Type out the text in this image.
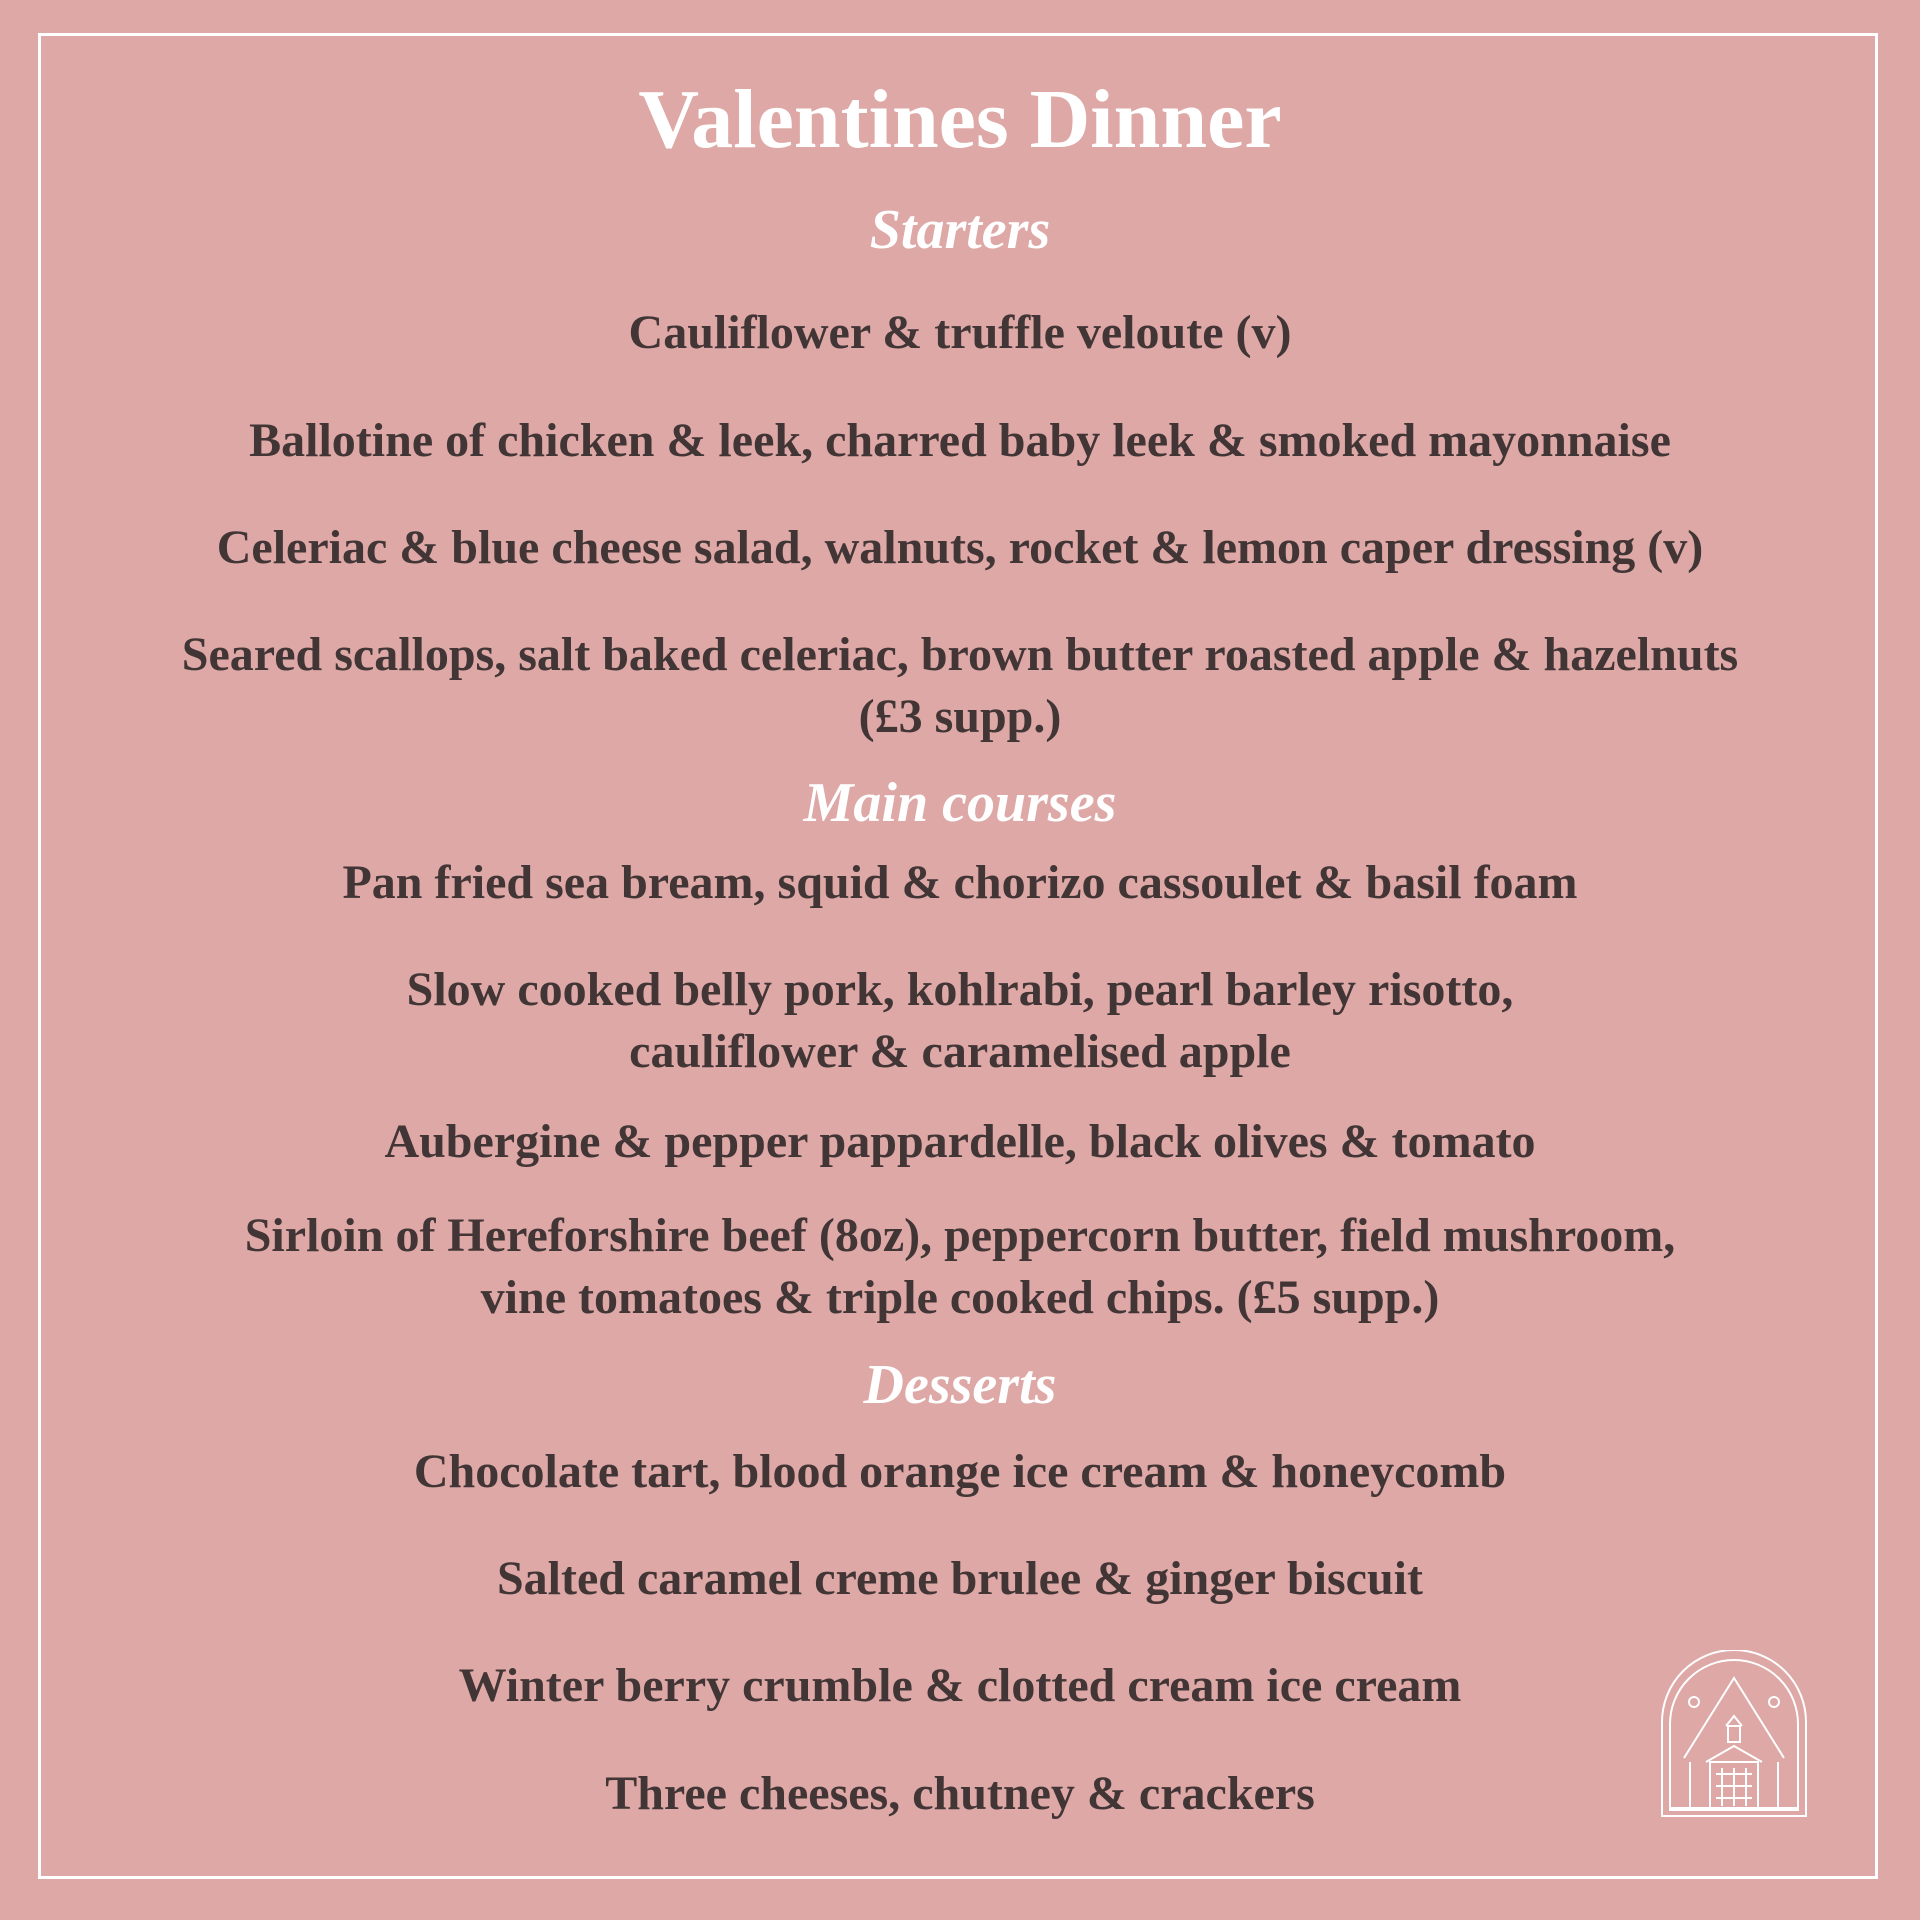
Valentines Dinner
Starters

Cauliflower & truffle veloute (v)

Ballotine of chicken & leek, charred baby leek & smoked mayonnaise

Celeriac & blue cheese salad, walnuts, rocket & lemon caper dressing (v)

Seared scallops, salt baked celeriac, brown butter roasted apple & hazelnuts
(£3 supp.)

Main courses

Pan fried sea bream, squid & chorizo cassoulet & basil foam

Slow cooked belly pork, kohlrabi, pearl barley risotto,
cauliflower & caramelised apple

Aubergine & pepper pappardelle, black olives & tomato

Sirloin of Hereforshire beef (8oz), peppercorn butter, field mushroom,
vine tomatoes & triple cooked chips. (£5 supp.)

Desserts

Chocolate tart, blood orange ice cream & honeycomb

Salted caramel creme brulee & ginger biscuit

Winter berry crumble & clotted cream ice cream

Three cheeses, chutney & crackers
